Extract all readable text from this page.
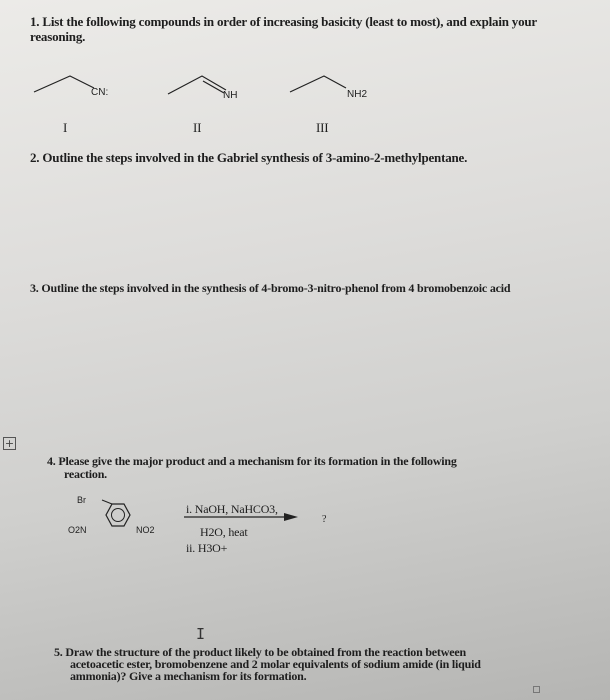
1. List the following compounds in order of increasing basicity (least to most), and explain your
reasoning.
CN:
I
NH
II
NH2
III
2. Outline the steps involved in the Gabriel synthesis of 3-amino-2-methylpentane.
3. Outline the steps involved in the synthesis of 4-bromo-3-nitro-phenol from 4 bromobenzoic acid
+
4. Please give the major product and a mechanism for its formation in the following
reaction.
Br
O2N	NO2
i. NaOH, NaHCO3,
?
H2O, heat
ii. H3O+
I
5. Draw the structure of the product likely to be obtained from the reaction between
acetoacetic ester, bromobenzene and 2 molar equivalents of sodium amide (in liquid
ammonia)? Give a mechanism for its formation.
